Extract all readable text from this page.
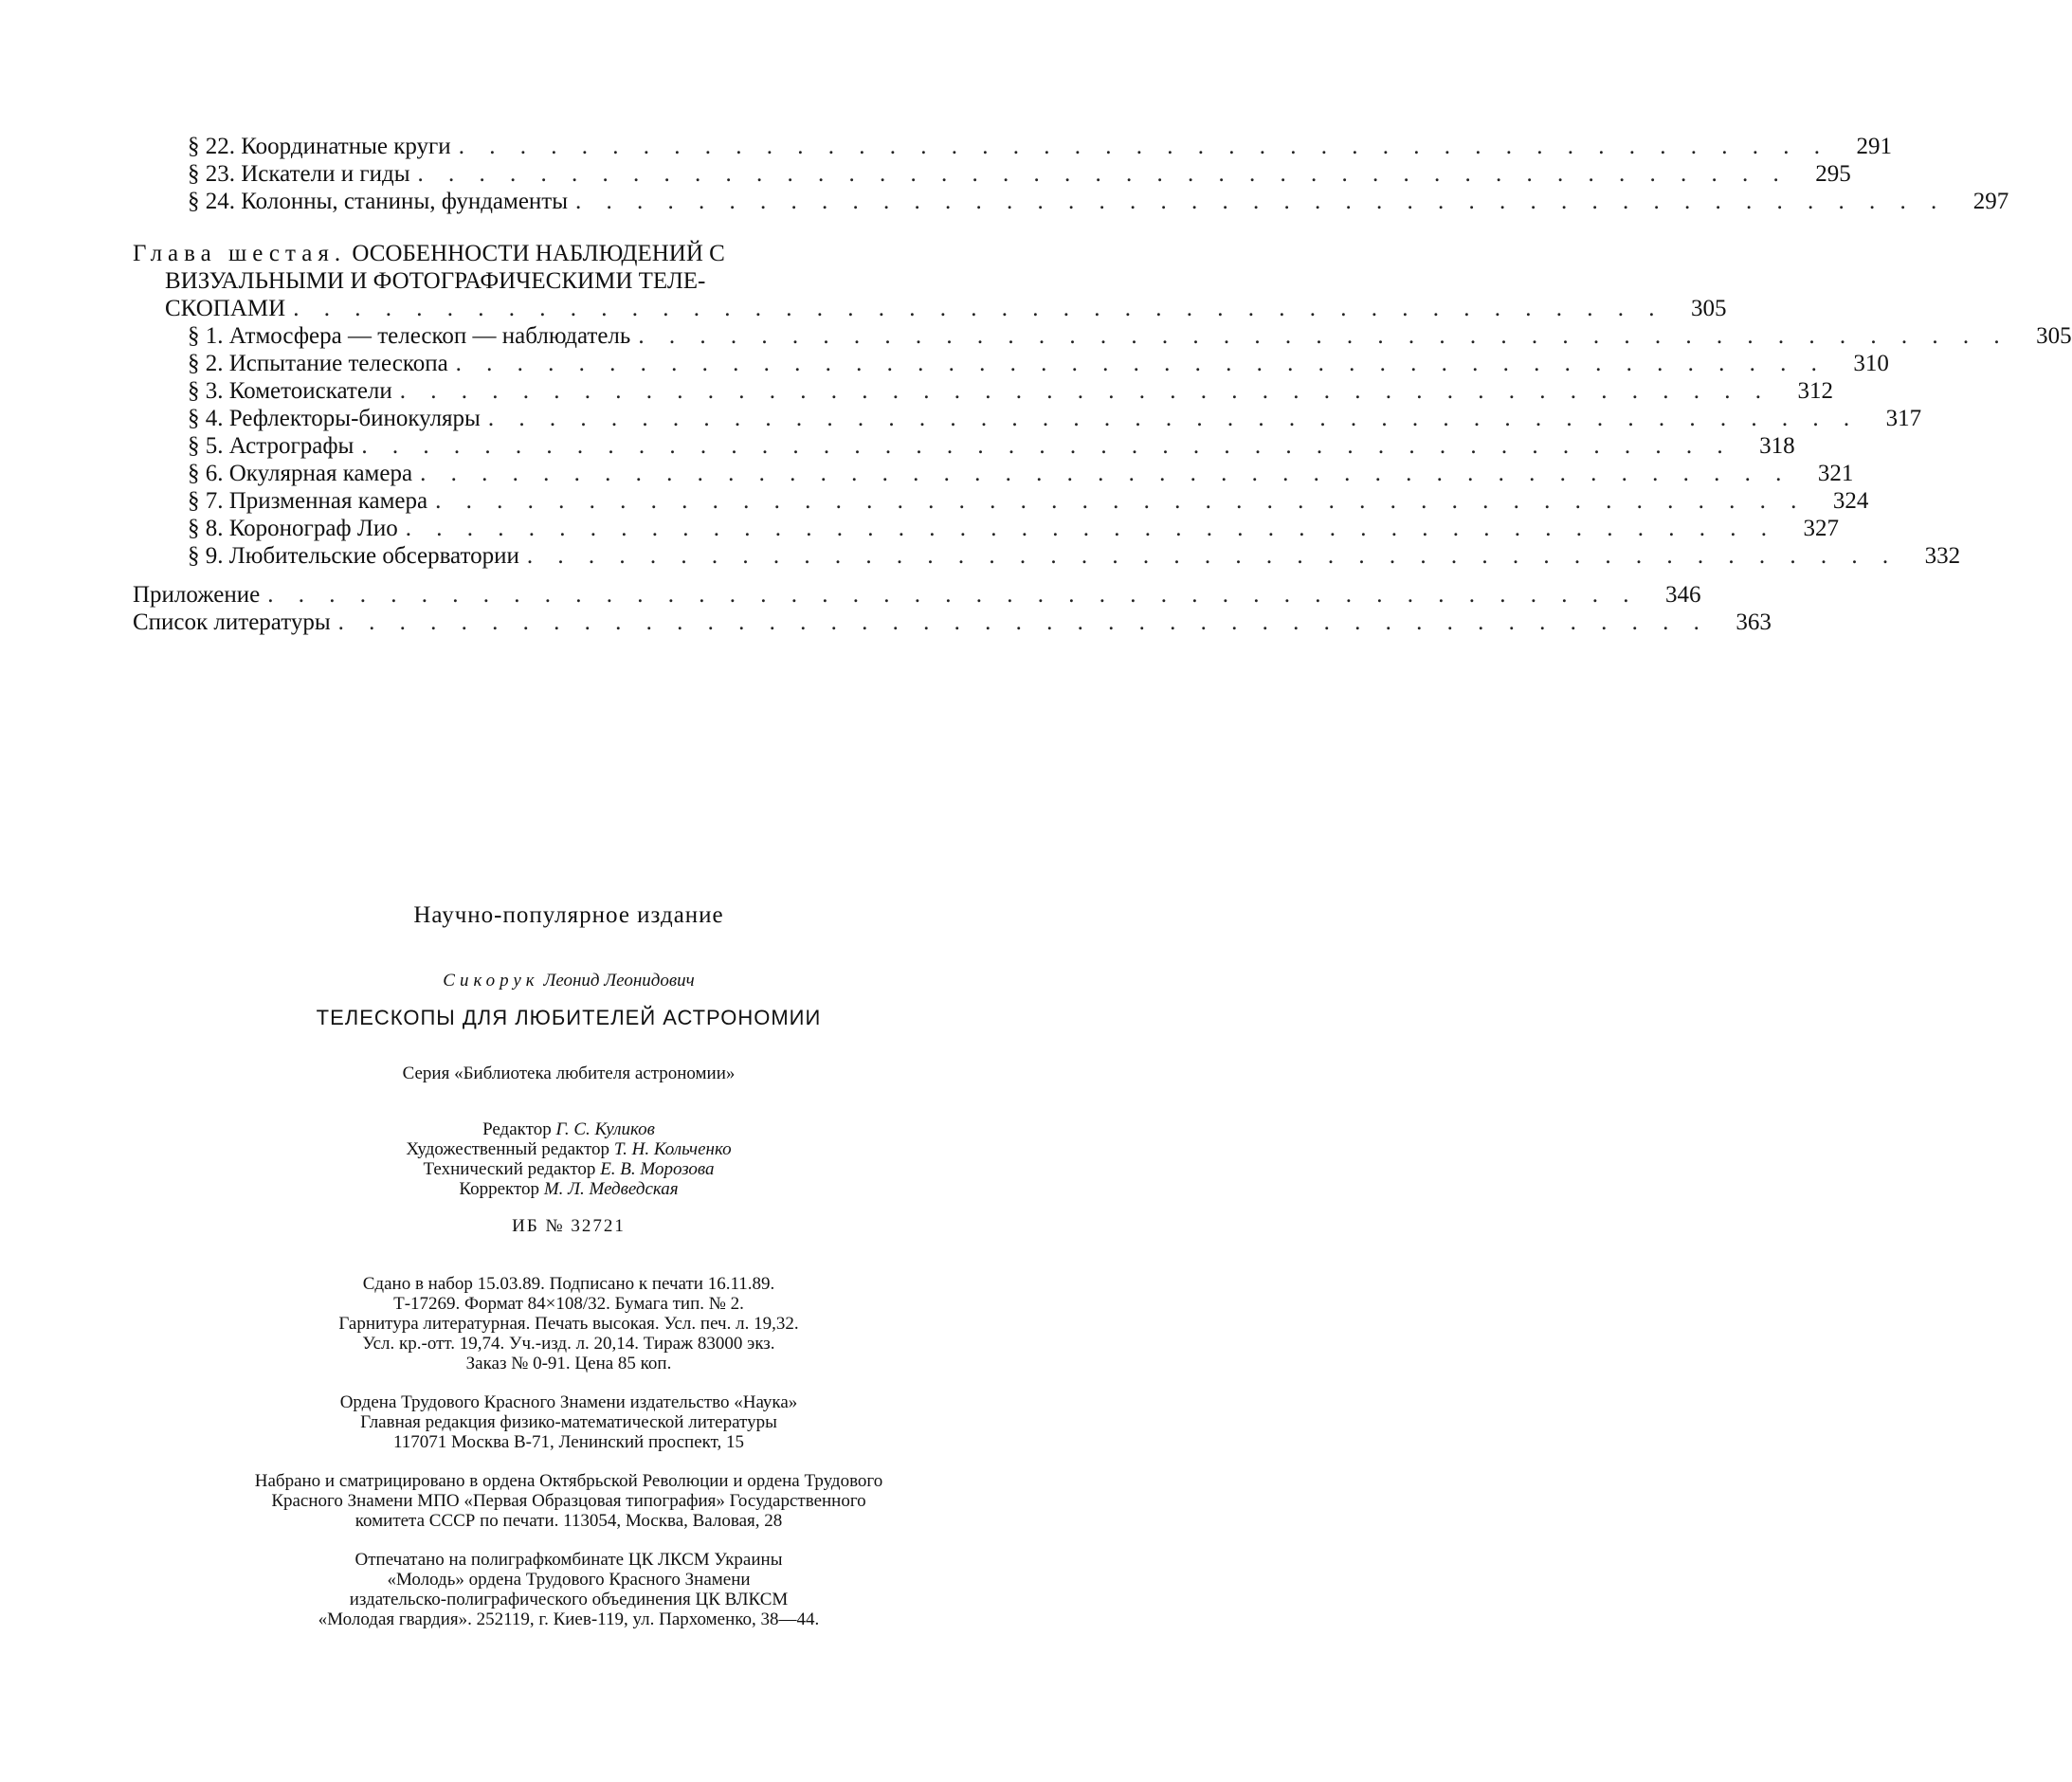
§ 22. Координатные круги . . . . . . . . . . . . . . . . . . . . . . . . . . . . . . . . . . . . . . . . . . . . .	291
§ 23. Искатели и гиды . . . . . . . . . . . . . . . . . . . . . . . . . . . . . . . . . . . . . . . . . . . . .	295
§ 24. Колонны, станины, фундаменты . . . . . . . . . . . . . . . . . . . . . . . . . . . . . . . . . . . . . . . . . . . . .	297
Глава шестая. ОСОБЕННОСТИ НАБЛЮДЕНИЙ С
ВИЗУАЛЬНЫМИ И ФОТОГРАФИЧЕСКИМИ ТЕЛЕ-
СКОПАМИ . . . . . . . . . . . . . . . . . . . . . . . . . . . . . . . . . . . . . . . . . . . . .	305
§ 1. Атмосфера — телескоп — наблюдатель . . . . . . . . . . . . . . . . . . . . . . . . . . . . . . . . . . . . . . . . . . . . .	305
§ 2. Испытание телескопа . . . . . . . . . . . . . . . . . . . . . . . . . . . . . . . . . . . . . . . . . . . . .	310
§ 3. Кометоискатели . . . . . . . . . . . . . . . . . . . . . . . . . . . . . . . . . . . . . . . . . . . . .	312
§ 4. Рефлекторы-бинокуляры . . . . . . . . . . . . . . . . . . . . . . . . . . . . . . . . . . . . . . . . . . . . .	317
§ 5. Астрографы . . . . . . . . . . . . . . . . . . . . . . . . . . . . . . . . . . . . . . . . . . . . .	318
§ 6. Окулярная камера . . . . . . . . . . . . . . . . . . . . . . . . . . . . . . . . . . . . . . . . . . . . .	321
§ 7. Призменная камера . . . . . . . . . . . . . . . . . . . . . . . . . . . . . . . . . . . . . . . . . . . . .	324
§ 8. Коронограф Лио . . . . . . . . . . . . . . . . . . . . . . . . . . . . . . . . . . . . . . . . . . . . .	327
§ 9. Любительские обсерватории . . . . . . . . . . . . . . . . . . . . . . . . . . . . . . . . . . . . . . . . . . . . .	332
Приложение . . . . . . . . . . . . . . . . . . . . . . . . . . . . . . . . . . . . . . . . . . . . .	346
Список литературы . . . . . . . . . . . . . . . . . . . . . . . . . . . . . . . . . . . . . . . . . . . . .	363

Научно-популярное издание

Сикорук Леонид Леонидович

ТЕЛЕСКОПЫ ДЛЯ ЛЮБИТЕЛЕЙ АСТРОНОМИИ

Серия «Библиотека любителя астрономии»

Редактор Г. С. Куликов

Художественный редактор Т. Н. Кольченко

Технический редактор Е. В. Морозова

Корректор М. Л. Медведская

ИБ № 32721

Сдано в набор 15.03.89. Подписано к печати 16.11.89.

Т-17269. Формат 84×108/32. Бумага тип. № 2.

Гарнитура литературная. Печать высокая. Усл. печ. л. 19,32.

Усл. кр.-отт. 19,74. Уч.-изд. л. 20,14. Тираж 83000 экз.

Заказ № 0-91. Цена 85 коп.

Ордена Трудового Красного Знамени издательство «Наука»

Главная редакция физико-математической литературы

117071 Москва В-71, Ленинский проспект, 15

Набрано и сматрицировано в ордена Октябрьской Революции и ордена Трудового

Красного Знамени МПО «Первая Образцовая типография» Государственного

комитета СССР по печати. 113054, Москва, Валовая, 28

Отпечатано на полиграфкомбинате ЦК ЛКСМ Украины

«Молодь» ордена Трудового Красного Знамени

издательско-полиграфического объединения ЦК ВЛКСМ

«Молодая гвардия». 252119, г. Киев-119, ул. Пархоменко, 38—44.
